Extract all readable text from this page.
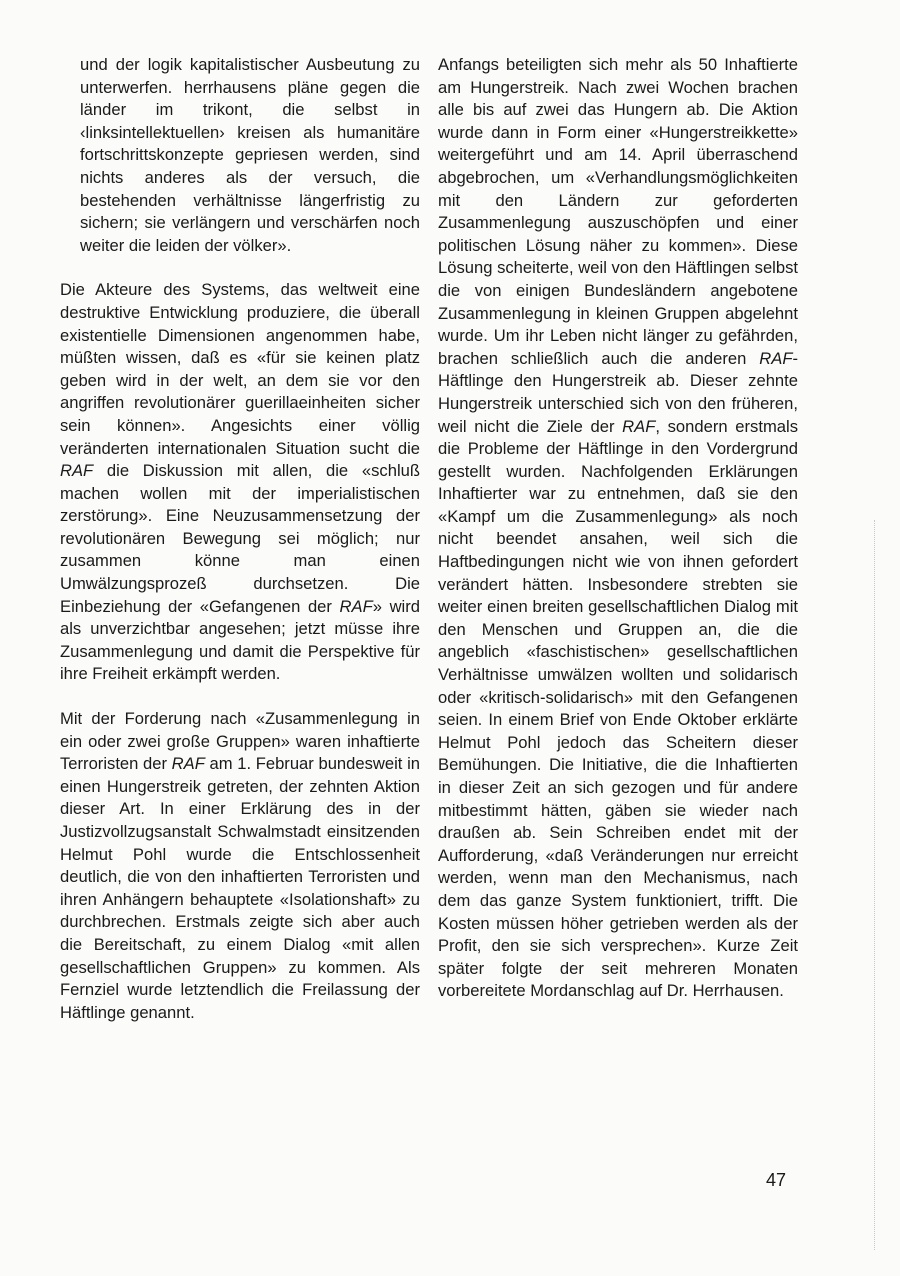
und der logik kapitalistischer Ausbeutung zu unterwerfen. herrhausens pläne gegen die länder im trikont, die selbst in ‹linksintellektuellen› kreisen als humanitäre fortschrittskonzepte gepriesen werden, sind nichts anderes als der versuch, die bestehenden verhältnisse längerfristig zu sichern; sie verlängern und verschärfen noch weiter die leiden der völker».

Die Akteure des Systems, das weltweit eine destruktive Entwicklung produziere, die überall existentielle Dimensionen angenommen habe, müßten wissen, daß es «für sie keinen platz geben wird in der welt, an dem sie vor den angriffen revolutionärer guerillaeinheiten sicher sein können». Angesichts einer völlig veränderten internationalen Situation sucht die RAF die Diskussion mit allen, die «schluß machen wollen mit der imperialistischen zerstörung». Eine Neuzusammensetzung der revolutionären Bewegung sei möglich; nur zusammen könne man einen Umwälzungsprozeß durchsetzen. Die Einbeziehung der «Gefangenen der RAF» wird als unverzichtbar angesehen; jetzt müsse ihre Zusammenlegung und damit die Perspektive für ihre Freiheit erkämpft werden.

Mit der Forderung nach «Zusammenlegung in ein oder zwei große Gruppen» waren inhaftierte Terroristen der RAF am 1. Februar bundesweit in einen Hungerstreik getreten, der zehnten Aktion dieser Art. In einer Erklärung des in der Justizvollzugsanstalt Schwalmstadt einsitzenden Helmut Pohl wurde die Entschlossenheit deutlich, die von den inhaftierten Terroristen und ihren Anhängern behauptete «Isolationshaft» zu durchbrechen. Erstmals zeigte sich aber auch die Bereitschaft, zu einem Dialog «mit allen gesellschaftlichen Gruppen» zu kommen. Als Fernziel wurde letztendlich die Freilassung der Häftlinge genannt.

Anfangs beteiligten sich mehr als 50 Inhaftierte am Hungerstreik. Nach zwei Wochen brachen alle bis auf zwei das Hungern ab. Die Aktion wurde dann in Form einer «Hungerstreikkette» weitergeführt und am 14. April überraschend abgebrochen, um «Verhandlungsmöglichkeiten mit den Ländern zur geforderten Zusammenlegung auszuschöpfen und einer politischen Lösung näher zu kommen». Diese Lösung scheiterte, weil von den Häftlingen selbst die von einigen Bundesländern angebotene Zusammenlegung in kleinen Gruppen abgelehnt wurde. Um ihr Leben nicht länger zu gefährden, brachen schließlich auch die anderen RAF-Häftlinge den Hungerstreik ab. Dieser zehnte Hungerstreik unterschied sich von den früheren, weil nicht die Ziele der RAF, sondern erstmals die Probleme der Häftlinge in den Vordergrund gestellt wurden. Nachfolgenden Erklärungen Inhaftierter war zu entnehmen, daß sie den «Kampf um die Zusammenlegung» als noch nicht beendet ansahen, weil sich die Haftbedingungen nicht wie von ihnen gefordert verändert hätten. Insbesondere strebten sie weiter einen breiten gesellschaftlichen Dialog mit den Menschen und Gruppen an, die die angeblich «faschistischen» gesellschaftlichen Verhältnisse umwälzen wollten und solidarisch oder «kritisch-solidarisch» mit den Gefangenen seien. In einem Brief von Ende Oktober erklärte Helmut Pohl jedoch das Scheitern dieser Bemühungen. Die Initiative, die die Inhaftierten in dieser Zeit an sich gezogen und für andere mitbestimmt hätten, gäben sie wieder nach draußen ab. Sein Schreiben endet mit der Aufforderung, «daß Veränderungen nur erreicht werden, wenn man den Mechanismus, nach dem das ganze System funktioniert, trifft. Die Kosten müssen höher getrieben werden als der Profit, den sie sich versprechen». Kurze Zeit später folgte der seit mehreren Monaten vorbereitete Mordanschlag auf Dr. Herrhausen.

47
